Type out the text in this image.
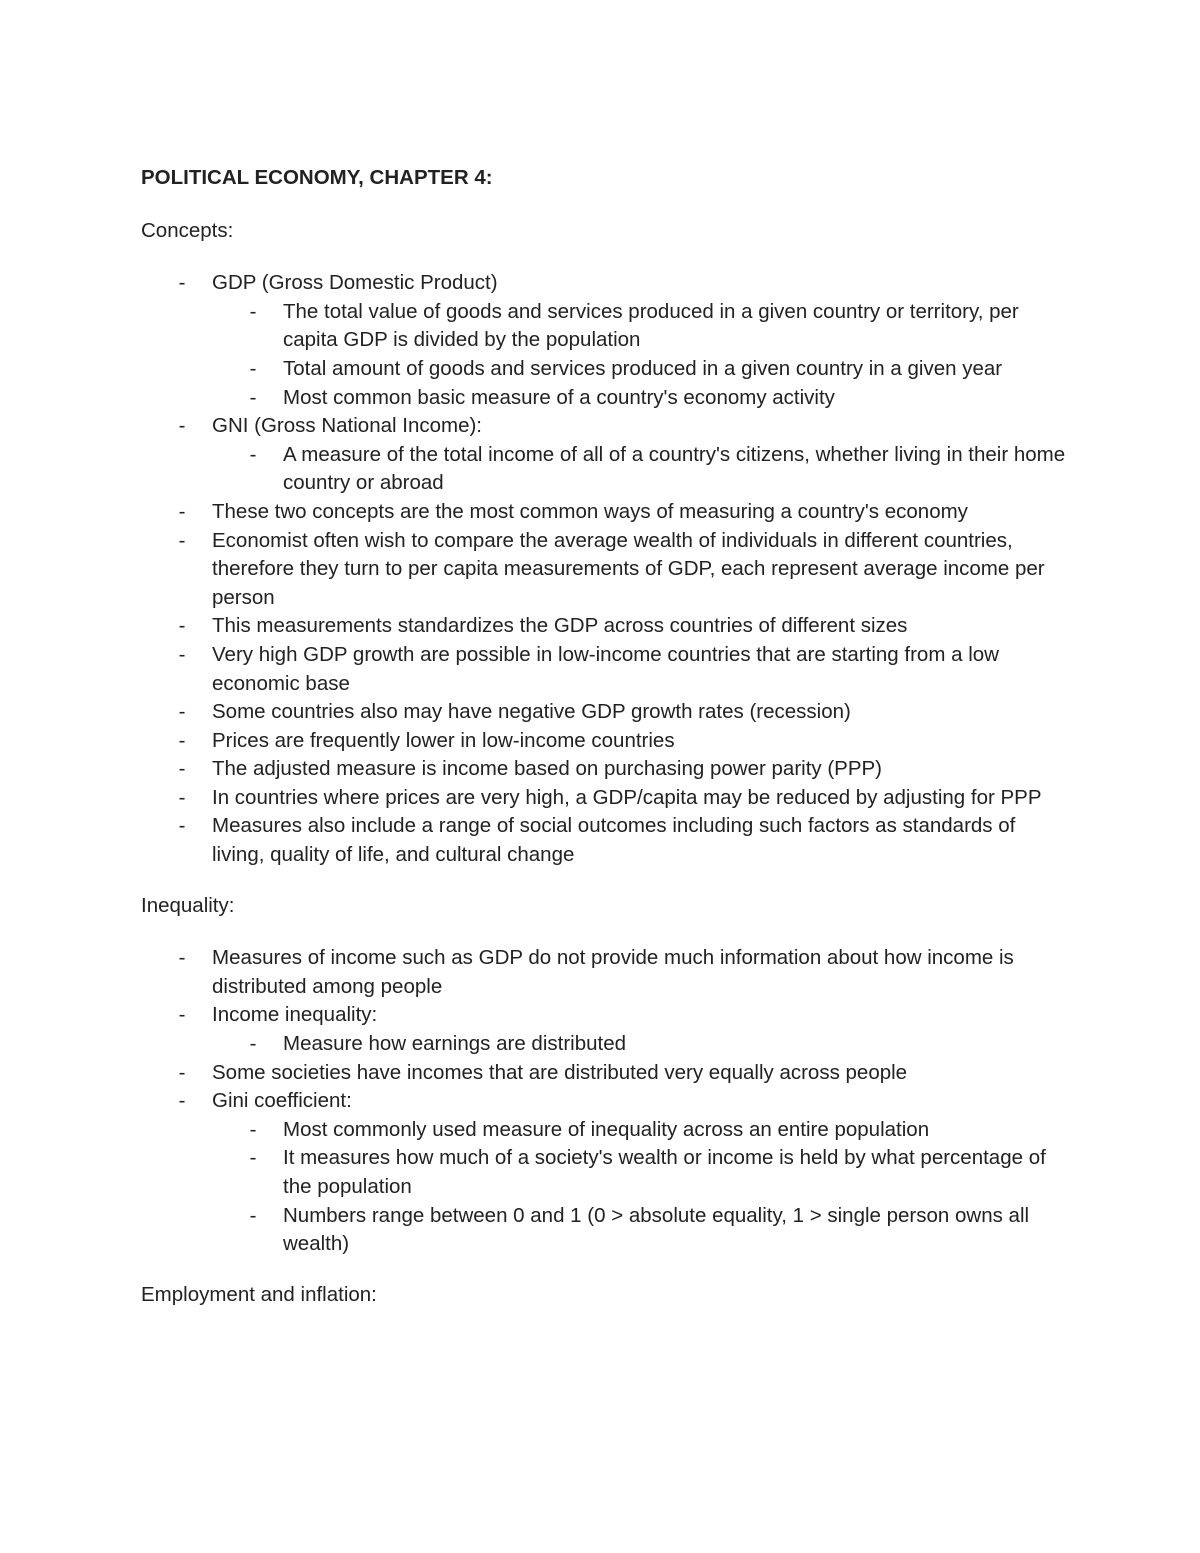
POLITICAL ECONOMY, CHAPTER 4:

Concepts:

- GDP (Gross Domestic Product)
- The total value of goods and services produced in a given country or territory, per capita GDP is divided by the population
- Total amount of goods and services produced in a given country in a given year
- Most common basic measure of a country's economy activity
- GNI (Gross National Income):
- A measure of the total income of all of a country's citizens, whether living in their home country or abroad
- These two concepts are the most common ways of measuring a country's economy
- Economist often wish to compare the average wealth of individuals in different countries, therefore they turn to per capita measurements of GDP, each represent average income per person
- This measurements standardizes the GDP across countries of different sizes
- Very high GDP growth are possible in low-income countries that are starting from a low economic base
- Some countries also may have negative GDP growth rates (recession)
- Prices are frequently lower in low-income countries
- The adjusted measure is income based on purchasing power parity (PPP)
- In countries where prices are very high, a GDP/capita may be reduced by adjusting for PPP
- Measures also include a range of social outcomes including such factors as standards of living, quality of life, and cultural change

Inequality:

- Measures of income such as GDP do not provide much information about how income is distributed among people
- Income inequality:
- Measure how earnings are distributed
- Some societies have incomes that are distributed very equally across people
- Gini coefficient:
- Most commonly used measure of inequality across an entire population
- It measures how much of a society's wealth or income is held by what percentage of the population
- Numbers range between 0 and 1 (0 > absolute equality, 1 > single person owns all wealth)

Employment and inflation:
